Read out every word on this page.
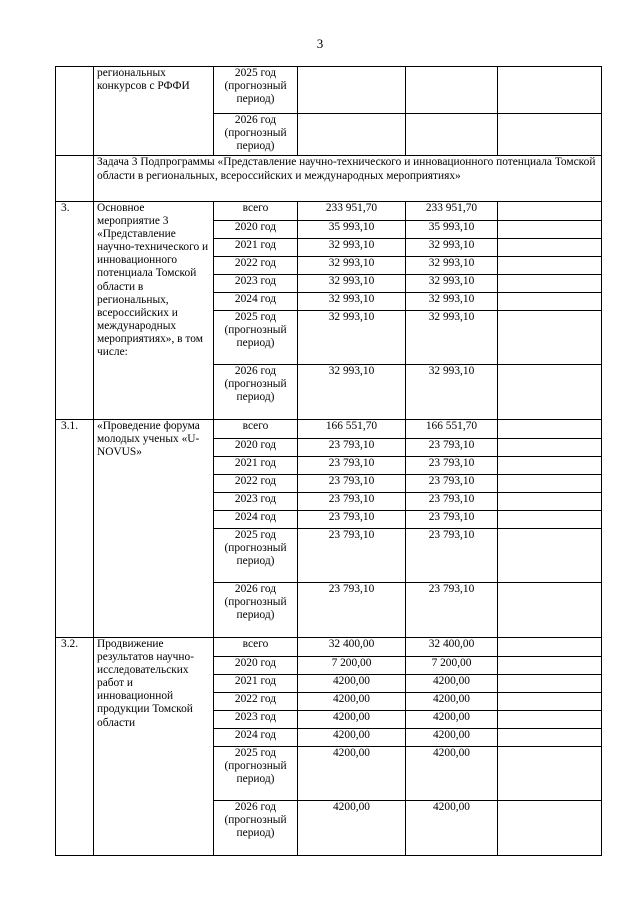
3
	региональных конкурсов с РФФИ	2025 год (прогнозный период)			
		2026 год (прогнозный период)			
	Задача 3 Подпрограммы «Представление научно-технического и инновационного потенциала Томской области в региональных, всероссийских и международных мероприятиях»				
3.	Основное мероприятие 3 «Представление научно-технического и инновационного потенциала Томской области в региональных, всероссийских и международных мероприятиях», в том числе:	всего	233 951,70	233 951,70	
		2020 год	35 993,10	35 993,10	
		2021 год	32 993,10	32 993,10	
		2022 год	32 993,10	32 993,10	
		2023 год	32 993,10	32 993,10	
		2024 год	32 993,10	32 993,10	
		2025 год (прогнозный период)	32 993,10	32 993,10	
		2026 год (прогнозный период)	32 993,10	32 993,10	
3.1.	«Проведение форума молодых ученых «U-NOVUS»	всего	166 551,70	166 551,70	
		2020 год	23 793,10	23 793,10	
		2021 год	23 793,10	23 793,10	
		2022 год	23 793,10	23 793,10	
		2023 год	23 793,10	23 793,10	
		2024 год	23 793,10	23 793,10	
		2025 год (прогнозный период)	23 793,10	23 793,10	
		2026 год (прогнозный период)	23 793,10	23 793,10	
3.2.	Продвижение результатов научно-исследовательских работ и инновационной продукции Томской области	всего	32 400,00	32 400,00	
		2020 год	7 200,00	7 200,00	
		2021 год	4200,00	4200,00	
		2022 год	4200,00	4200,00	
		2023 год	4200,00	4200,00	
		2024 год	4200,00	4200,00	
		2025 год (прогнозный период)	4200,00	4200,00	
		2026 год (прогнозный период)	4200,00	4200,00	
